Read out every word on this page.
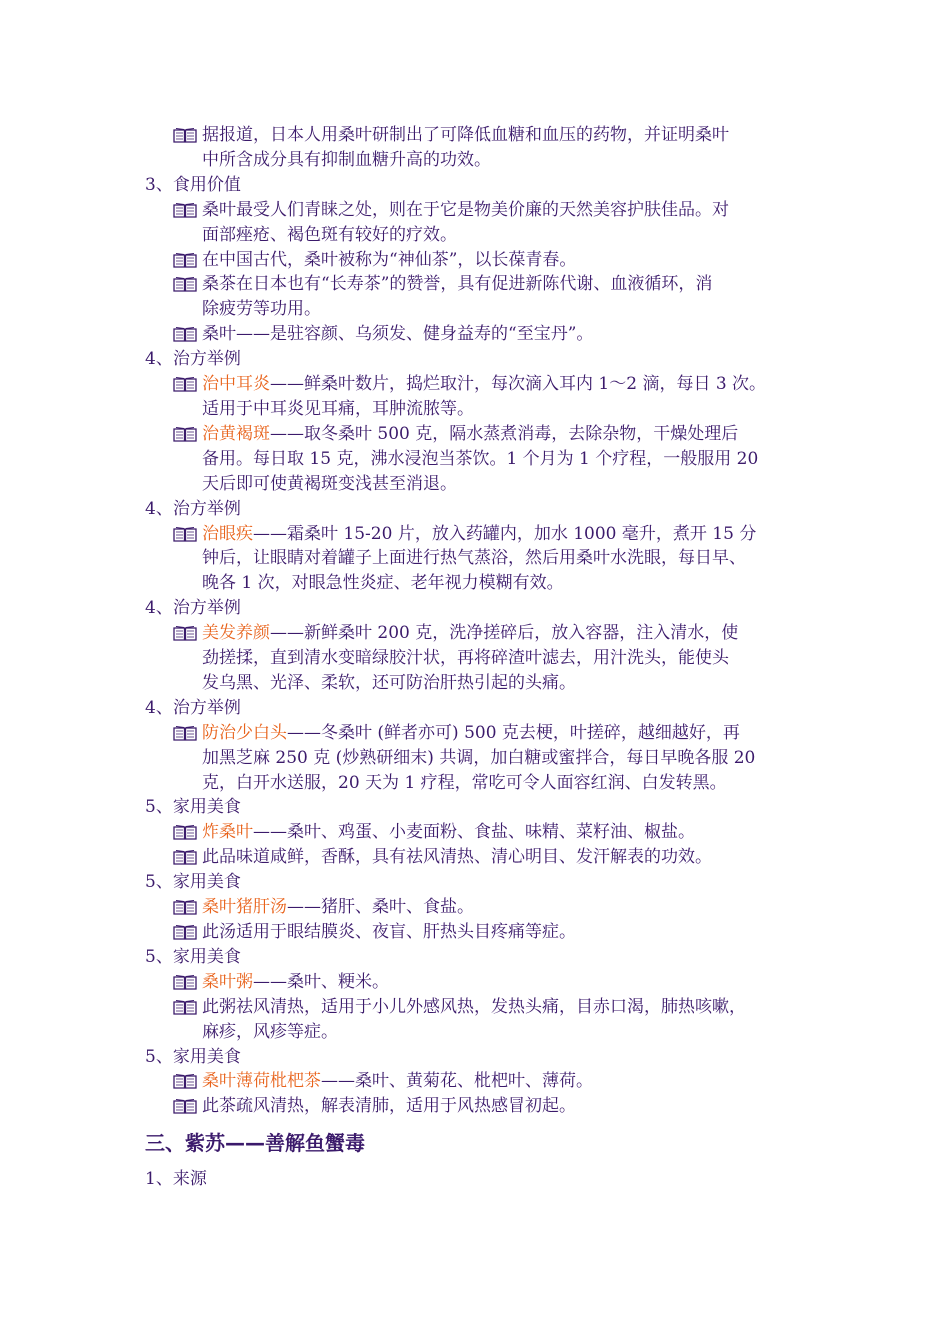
据报道，日本人用桑叶研制出了可降低血糖和血压的药物，并证明桑叶
中所含成分具有抑制血糖升高的功效。
3、食用价值
桑叶最受人们青睐之处，则在于它是物美价廉的天然美容护肤佳品。对
面部痤疮、褐色斑有较好的疗效。
在中国古代，桑叶被称为“神仙茶”，以长葆青春。
桑茶在日本也有“长寿茶”的赞誉，具有促进新陈代谢、血液循环，消
除疲劳等功用。
桑叶——是驻容颜、乌须发、健身益寿的“至宝丹”。
4、治方举例
治中耳炎——鲜桑叶数片，捣烂取汁，每次滴入耳内 1～2 滴，每日 3 次。
适用于中耳炎见耳痛，耳肿流脓等。
治黄褐斑——取冬桑叶 500 克，隔水蒸煮消毒，去除杂物，干燥处理后
备用。每日取 15 克，沸水浸泡当茶饮。1 个月为 1 个疗程，一般服用 20
天后即可使黄褐斑变浅甚至消退。
4、治方举例
治眼疾——霜桑叶 15-20 片，放入药罐内，加水 1000 毫升，煮开 15 分
钟后，让眼睛对着罐子上面进行热气蒸浴，然后用桑叶水洗眼，每日早、
晚各 1 次，对眼急性炎症、老年视力模糊有效。
4、治方举例
美发养颜——新鲜桑叶 200 克，洗净搓碎后，放入容器，注入清水，使
劲搓揉，直到清水变暗绿胶汁状，再将碎渣叶滤去，用汁洗头，能使头
发乌黑、光泽、柔软，还可防治肝热引起的头痛。
4、治方举例
防治少白头——冬桑叶 (鲜者亦可) 500 克去梗，叶搓碎，越细越好，再
加黑芝麻 250 克 (炒熟研细末) 共调，加白糖或蜜拌合，每日早晚各服 20
克，白开水送服，20 天为 1 疗程，常吃可令人面容红润、白发转黑。
5、家用美食
炸桑叶——桑叶、鸡蛋、小麦面粉、食盐、味精、菜籽油、椒盐。
此品味道咸鲜，香酥，具有祛风清热、清心明目、发汗解表的功效。
5、家用美食
桑叶猪肝汤——猪肝、桑叶、食盐。
此汤适用于眼结膜炎、夜盲、肝热头目疼痛等症。
5、家用美食
桑叶粥——桑叶、粳米。
此粥祛风清热，适用于小儿外感风热，发热头痛，目赤口渴，肺热咳嗽，
麻疹，风疹等症。
5、家用美食
桑叶薄荷枇杷茶——桑叶、黄菊花、枇杷叶、薄荷。
此茶疏风清热，解表清肺，适用于风热感冒初起。
三、紫苏——善解鱼蟹毒
1、来源
